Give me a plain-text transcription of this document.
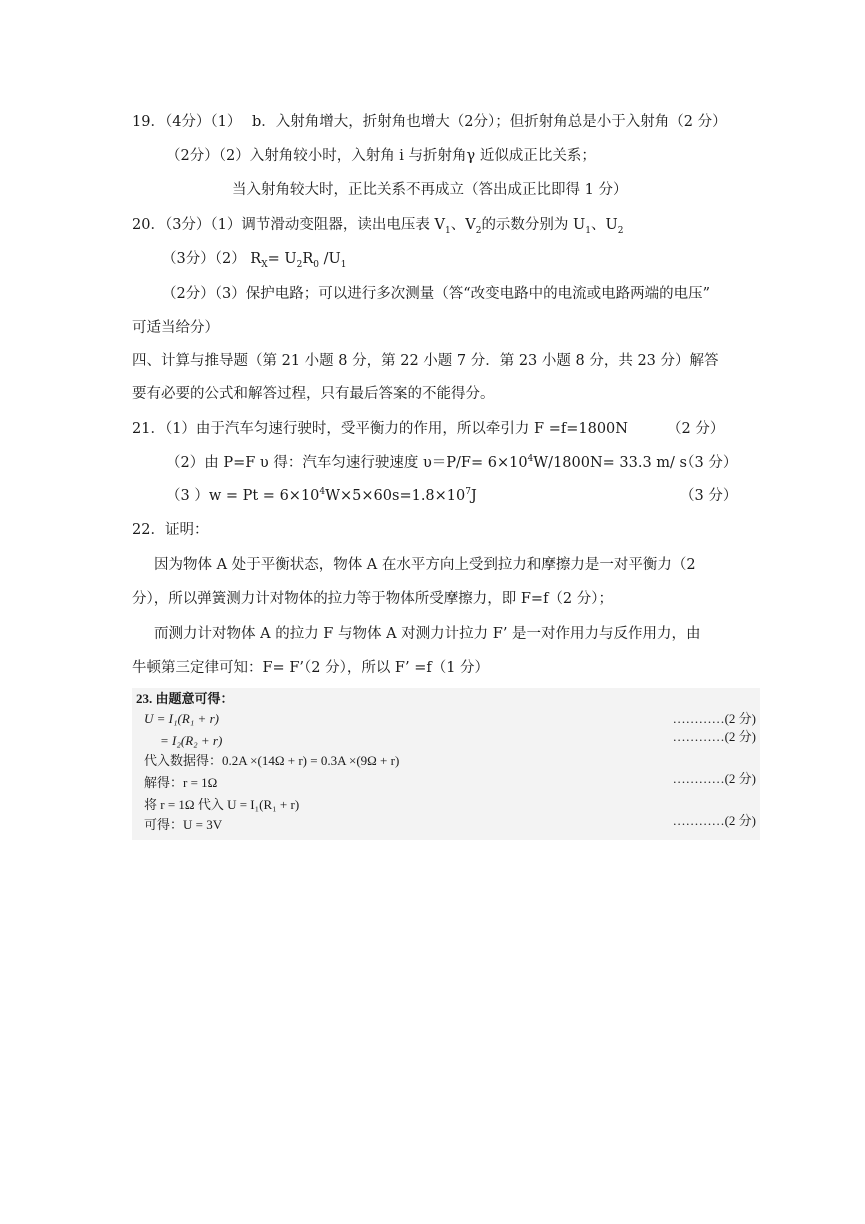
19．（4分）（1） b．入射角增大，折射角也增大（2分）；但折射角总是小于入射角（2 分）
（2分）（2）入射角较小时，入射角 i 与折射角γ 近似成正比关系；
当入射角较大时，正比关系不再成立（答出成正比即得 1 分）
20．（3分）（1）调节滑动变阻器，读出电压表 $V_1$、$V_2$的示数分别为 $U_1$、$U_2$
（3分）（2） $R_X= U_2R_0$ $/U_1$
（2分）（3）保护电路；可以进行多次测量（答“改变电路中的电流或电路两端的电压”
可适当给分）
四、计算与推导题（第 21 小题 8 分，第 22 小题 7 分．第 23 小题 8 分，共 23 分）解答
要有必要的公式和解答过程，只有最后答案的不能得分。
21．（1）由于汽车匀速行驶时，受平衡力的作用，所以牵引力 F =f=1800N	（2 分）
（2）由 P=F υ 得：汽车匀速行驶速度 $\upsilon=P/F= 6\times 10^4W/1800N= 33.3$ m/ s
（3 分）
（3 ）$w = Pt = 6\times 10^4W\times 5\times 60s=1.8\times 10^7J$	（3 分）
22．证明：
因为物体 A 处于平衡状态，物体 A 在水平方向上受到拉力和摩擦力是一对平衡力（2
分），所以弹簧测力计对物体的拉力等于物体所受摩擦力，即 F=f（2 分）；
而测力计对物体 A 的拉力 F 与物体 A 对测力计拉力 F’ 是一对作用力与反作用力，由
牛顿第三定律可知：F= F’（2 分），所以 F’ =f（1 分）
23. 由题意可得：
U = I₁(R₁ + r)	…………(2 分)
= I₂(R₂ + r)	…………(2 分)
代入数据得：0.2A ×(14Ω + r) = 0.3A ×(9Ω + r)
解得：r = 1Ω	…………(2 分)
将 r = 1Ω 代入 U = I₁(R₁ + r)
可得：U = 3V	…………(2 分)
